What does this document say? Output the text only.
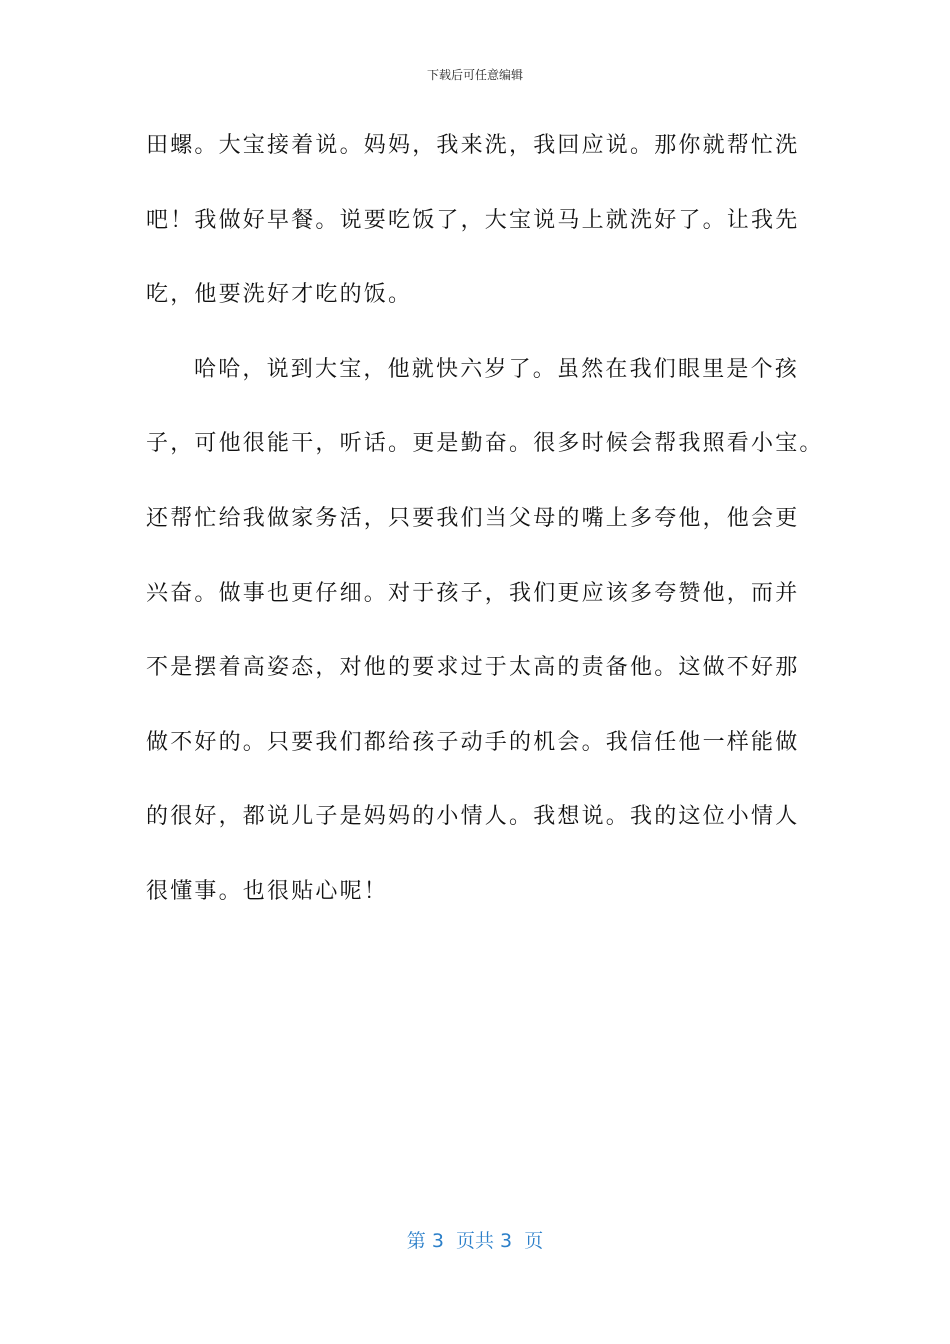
下载后可任意编辑
田螺。大宝接着说。妈妈，我来洗，我回应说。那你就帮忙洗
吧！我做好早餐。说要吃饭了，大宝说马上就洗好了。让我先
吃，他要洗好才吃的饭。
哈哈，说到大宝，他就快六岁了。虽然在我们眼里是个孩
子，可他很能干，听话。更是勤奋。很多时候会帮我照看小宝。
还帮忙给我做家务活，只要我们当父母的嘴上多夸他，他会更
兴奋。做事也更仔细。对于孩子，我们更应该多夸赞他，而并
不是摆着高姿态，对他的要求过于太高的责备他。这做不好那
做不好的。只要我们都给孩子动手的机会。我信任他一样能做
的很好，都说儿子是妈妈的小情人。我想说。我的这位小情人
很懂事。也很贴心呢！
第 3  页共 3  页
